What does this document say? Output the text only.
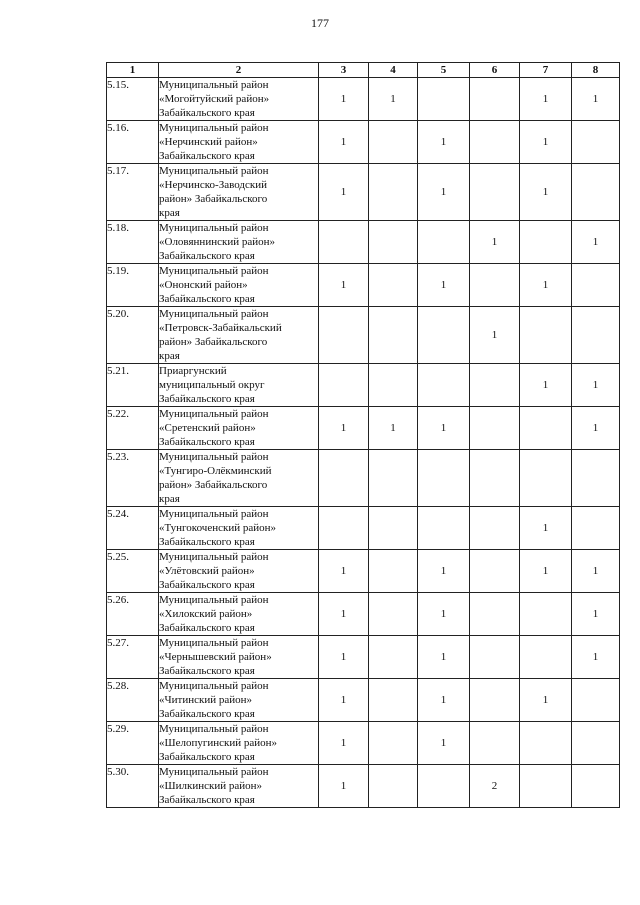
177
1	2	3	4	5	6	7	8
5.15.	Муниципальный район
«Могойтуйский район»
Забайкальского края	1	1			1	1
5.16.	Муниципальный район
«Нерчинский район»
Забайкальского края	1		1		1	
5.17.	Муниципальный район
«Нерчинско-Заводский
район» Забайкальского
края	1		1		1	
5.18.	Муниципальный район
«Оловяннинский район»
Забайкальского края				1		1
5.19.	Муниципальный район
«Ононский район»
Забайкальского края	1		1		1	
5.20.	Муниципальный район
«Петровск-Забайкальский
район» Забайкальского
края				1		
5.21.	Приаргунский
муниципальный округ
Забайкальского края					1	1
5.22.	Муниципальный район
«Сретенский район»
Забайкальского края	1	1	1			1
5.23.	Муниципальный район
«Тунгиро-Олёкминский
район» Забайкальского
края						

5.24.	Муниципальный район
«Тунгокоченский район»
Забайкальского края					1	
5.25.	Муниципальный район
«Улётовский район»
Забайкальского края	1		1		1	1
5.26.	Муниципальный район
«Хилокский район»
Забайкальского края	1		1			1
5.27.	Муниципальный район
«Чернышевский район»
Забайкальского края	1		1			1
5.28.	Муниципальный район
«Читинский район»
Забайкальского края	1		1		1	
5.29.	Муниципальный район
«Шелопугинский район»
Забайкальского края	1		1			
5.30.	Муниципальный район
«Шилкинский район»
Забайкальского края	1			2		
